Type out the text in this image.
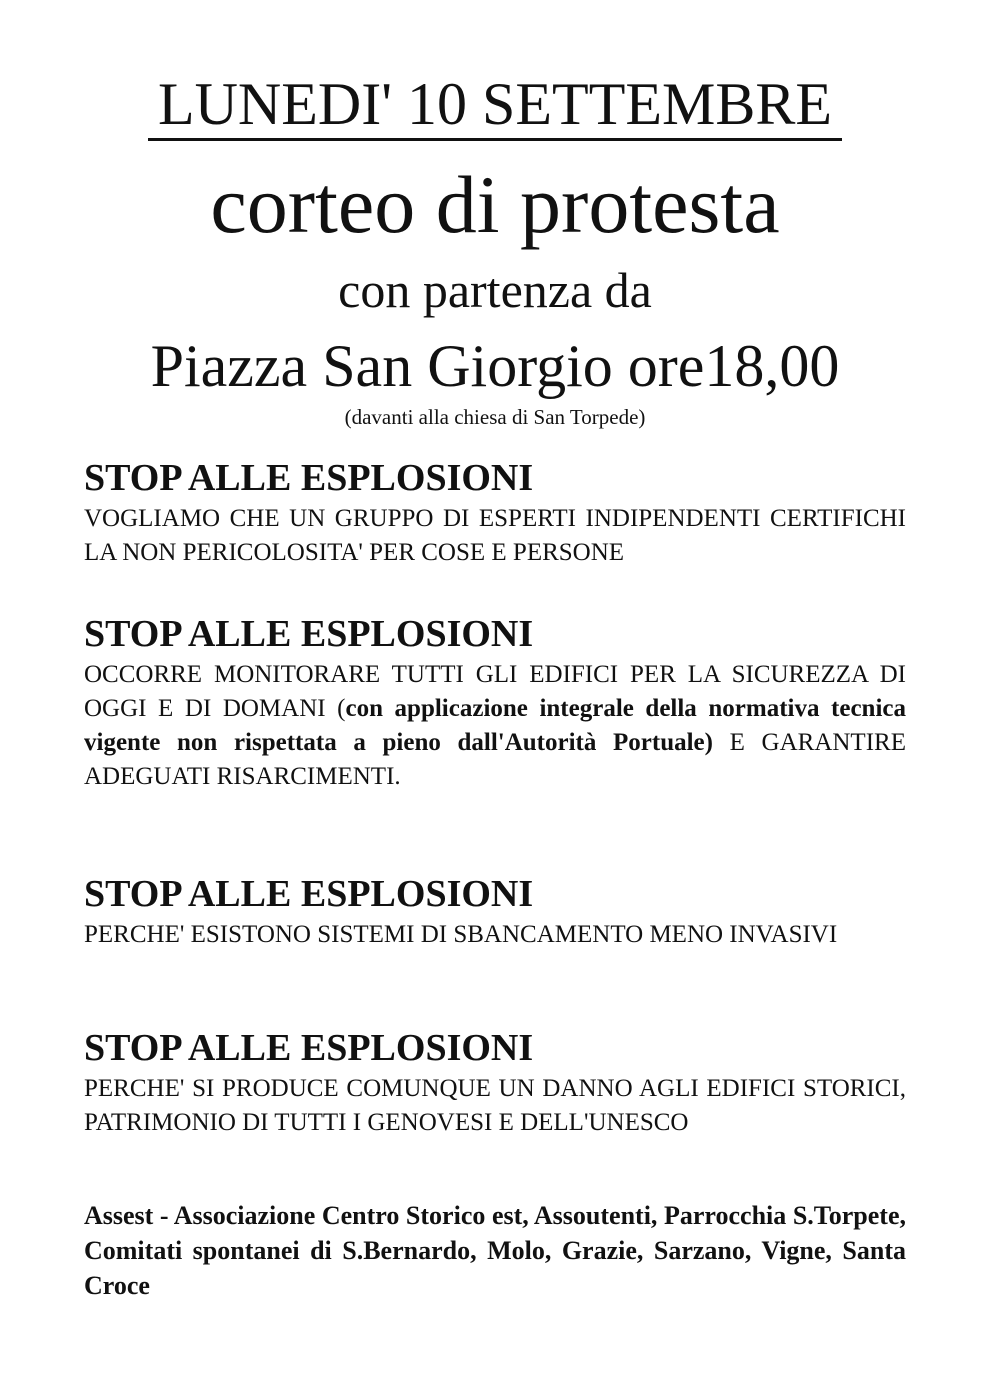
LUNEDI' 10 SETTEMBRE
corteo di protesta
con partenza da
Piazza San Giorgio ore18,00
(davanti alla chiesa di San Torpede)
STOP ALLE ESPLOSIONI
VOGLIAMO CHE UN GRUPPO DI ESPERTI INDIPENDENTI CERTIFICHI LA NON PERICOLOSITA' PER COSE E PERSONE
STOP ALLE ESPLOSIONI
OCCORRE MONITORARE TUTTI GLI EDIFICI PER LA SICUREZZA DI OGGI E DI DOMANI (con applicazione integrale della normativa tecnica vigente non rispettata a pieno dall'Autorità Portuale) E GARANTIRE ADEGUATI RISARCIMENTI.
STOP ALLE ESPLOSIONI
PERCHE' ESISTONO SISTEMI DI SBANCAMENTO MENO INVASIVI
STOP ALLE ESPLOSIONI
PERCHE' SI PRODUCE COMUNQUE UN DANNO AGLI EDIFICI STORICI, PATRIMONIO DI TUTTI I GENOVESI E DELL'UNESCO
Assest - Associazione Centro Storico est, Assoutenti, Parrocchia S.Torpete, Comitati spontanei di S.Bernardo, Molo, Grazie, Sarzano, Vigne, Santa Croce
